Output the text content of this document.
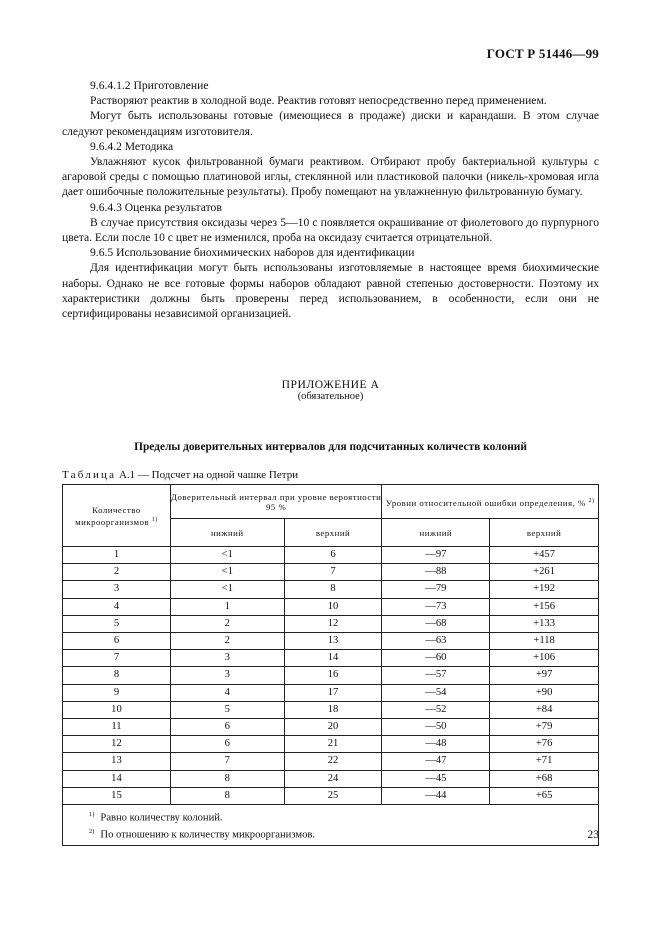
ГОСТ Р 51446—99

9.6.4.1.2 Приготовление

Растворяют реактив в холодной воде. Реактив готовят непосредственно перед применением.

Могут быть использованы готовые (имеющиеся в продаже) диски и карандаши. В этом случае следуют рекомендациям изготовителя.

9.6.4.2 Методика

Увлажняют кусок фильтрованной бумаги реактивом. Отбирают пробу бактериальной культуры с агаровой среды с помощью платиновой иглы, стеклянной или пластиковой палочки (никель-хромовая игла дает ошибочные положительные результаты). Пробу помещают на увлажненную фильтрованную бумагу.

9.6.4.3 Оценка результатов

В случае присутствия оксидазы через 5—10 с появляется окрашивание от фиолетового до пурпурного цвета. Если после 10 с цвет не изменился, проба на оксидазу считается отрицательной.

9.6.5 Использование биохимических наборов для идентификации

Для идентификации могут быть использованы изготовляемые в настоящее время биохимические наборы. Однако не все готовые формы наборов обладают равной степенью достоверности. Поэтому их характеристики должны быть проверены перед использованием, в особенности, если они не сертифицированы независимой организацией.

ПРИЛОЖЕНИЕ А
(обязательное)
Пределы доверительных интервалов для подсчитанных количеств колоний
Таблица А.1 — Подсчет на одной чашке Петри
Количество микроорганизмов $^{1)}$	Доверительный интервал при уровне вероятности 95 %		Уровни относительной ошибки определения, % $^{2)}$
	нижний	верхний	нижний	верхний
1	<1	6	—97	+457
2	<1	7	—88	+261
3	<1	8	—79	+192
4	1	10	—73	+156
5	2	12	—68	+133
6	2	13	—63	+118
7	3	14	—60	+106
8	3	16	—57	+97
9	4	17	—54	+90
10	5	18	—52	+84
11	6	20	—50	+79
12	6	21	—48	+76
13	7	22	—47	+71
14	8	24	—45	+68
15	8	25	—44	+65

$^{1)}$ Равно количеству колоний.
$^{2)}$ По отношению к количеству микроорганизмов.					23
